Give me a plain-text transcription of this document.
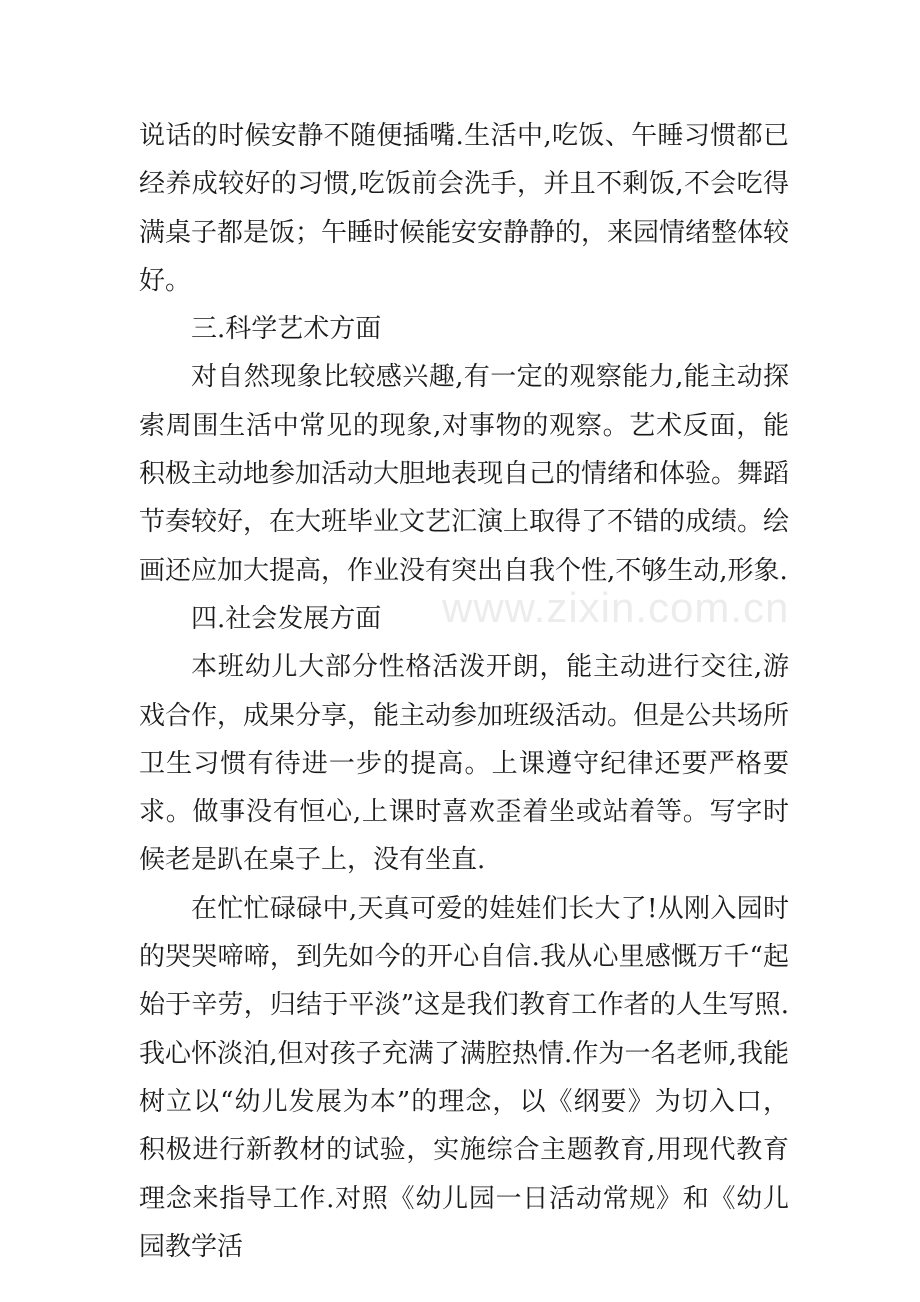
说话的时候安静不随便插嘴.生活中,吃饭、午睡习惯都已经养成较好的习惯,吃饭前会洗手，并且不剩饭,不会吃得满桌子都是饭；午睡时候能安安静静的，来园情绪整体较好。

三.科学艺术方面

对自然现象比较感兴趣,有一定的观察能力,能主动探索周围生活中常见的现象,对事物的观察。艺术反面，能积极主动地参加活动大胆地表现自己的情绪和体验。舞蹈节奏较好，在大班毕业文艺汇演上取得了不错的成绩。绘画还应加大提高，作业没有突出自我个性,不够生动,形象.

四.社会发展方面

本班幼儿大部分性格活泼开朗，能主动进行交往,游戏合作，成果分享，能主动参加班级活动。但是公共场所卫生习惯有待进一步的提高。上课遵守纪律还要严格要求。做事没有恒心,上课时喜欢歪着坐或站着等。写字时候老是趴在桌子上，没有坐直.

在忙忙碌碌中,天真可爱的娃娃们长大了!从刚入园时的哭哭啼啼，到先如今的开心自信.我从心里感慨万千“起始于辛劳，归结于平淡”这是我们教育工作者的人生写照.我心怀淡泊,但对孩子充满了满腔热情.作为一名老师,我能树立以“幼儿发展为本”的理念，以《纲要》为切入口，积极进行新教材的试验，实施综合主题教育,用现代教育理念来指导工作.对照《幼儿园一日活动常规》和《幼儿园教学活

www.zixin.com.cn
